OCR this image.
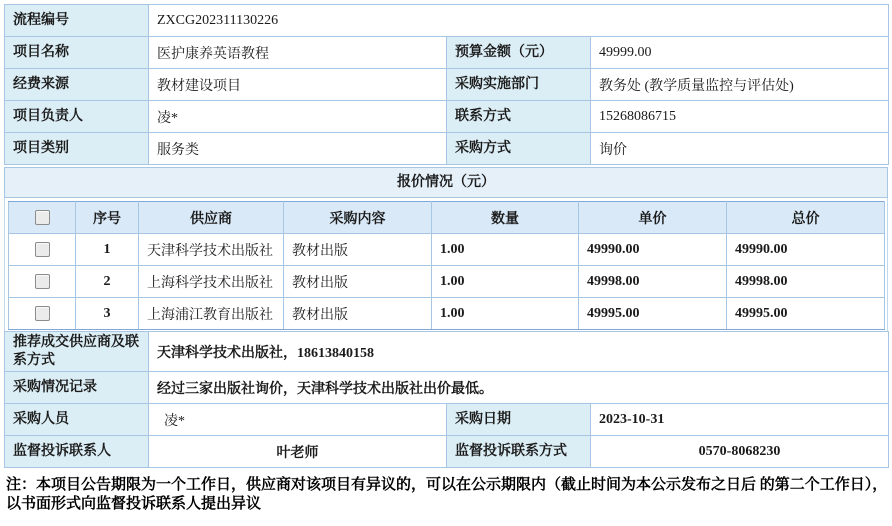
流程编号	ZXCG202311130226		
项目名称	医护康养英语教程	预算金额（元）	49999.00
经费来源	教材建设项目	采购实施部门	教务处 (教学质量监控与评估处)
项目负责人	凌*	联系方式	15268086715
项目类别	服务类	采购方式	询价
报价情况（元）
	序号	供应商	采购内容	数量	单价	总价
	1	天津科学技术出版社	教材出版	1.00	49990.00	49990.00
	2	上海科学技术出版社	教材出版	1.00	49998.00	49998.00
	3	上海浦江教育出版社	教材出版	1.00	49995.00	49995.00
推荐成交供应商及联系方式	天津科学技术出版社，18613840158		
采购情况记录	经过三家出版社询价，天津科学技术出版社出价最低。		
采购人员	凌*	采购日期	2023-10-31
监督投诉联系人	叶老师	监督投诉联系方式	0570-8068230
注：本项目公告期限为一个工作日，供应商对该项目有异议的，可以在公示期限内（截止时间为本公示发布之日后 的第二个工作日），以书面形式向监督投诉联系人提出异议
